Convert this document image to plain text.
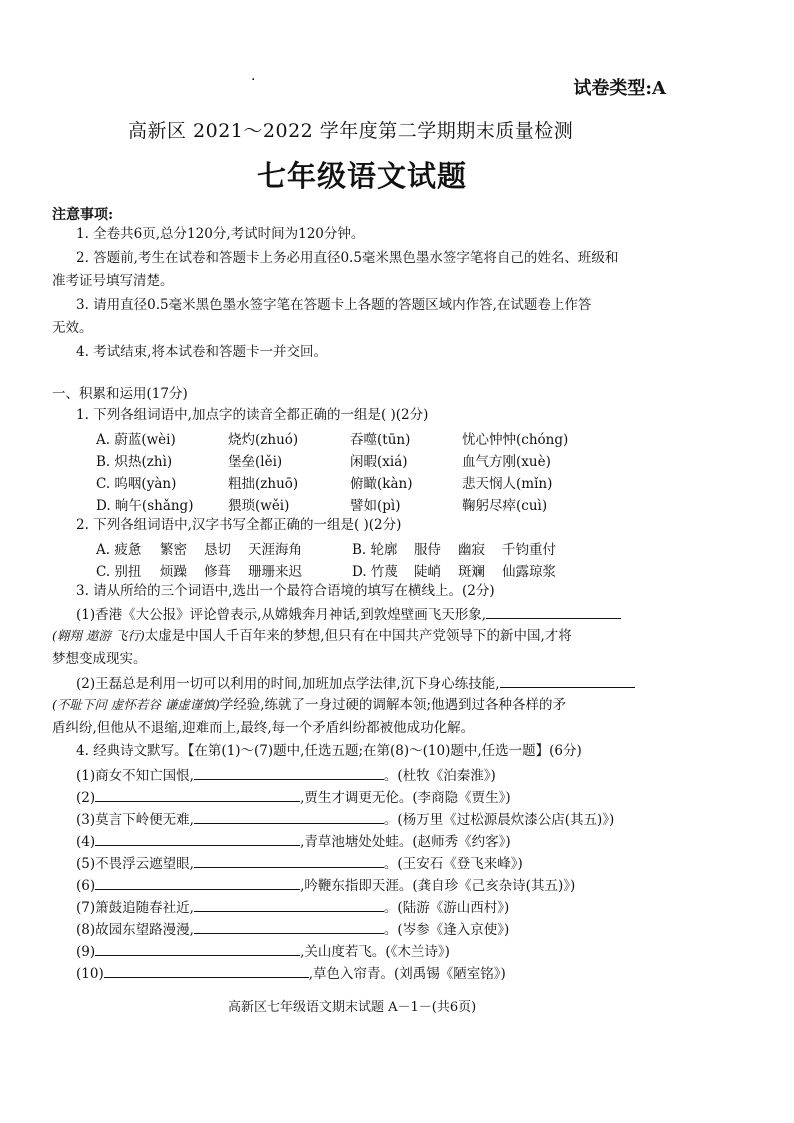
·	试卷类型:A
高新区 2021～2022 学年度第二学期期末质量检测
七年级语文试题
注意事项:
1. 全卷共6页,总分120分,考试时间为120分钟。
2. 答题前,考生在试卷和答题卡上务必用直径0.5毫米黑色墨水签字笔将自己的姓名、班级和
准考证号填写清楚。
3. 请用直径0.5毫米黑色墨水签字笔在答题卡上各题的答题区域内作答,在试题卷上作答
无效。
4. 考试结束,将本试卷和答题卡一并交回。
一、积累和运用(17分)
1. 下列各组词语中,加点字的读音全都正确的一组是( )(2分)
A. 蔚蓝(wèi)	烧灼(zhuó)	吞噬(tūn)	忧心忡忡(chóng)
B. 炽热(zhì)	堡垒(lěi)	闲暇(xiá)	血气方刚(xuè)
C. 呜咽(yàn)	粗拙(zhuō)	俯瞰(kàn)	悲天悯人(mǐn)
D. 晌午(shǎng)	猥琐(wěi)	譬如(pì)	鞠躬尽瘁(cuì)
2. 下列各组词语中,汉字书写全都正确的一组是( )(2分)
A. 疲惫 繁密 恳切 天涯海角	B. 轮廓 服侍 幽寂 千钧重付
C. 别扭 烦躁 修葺 珊珊来迟	D. 竹蔑 陡峭 斑斓 仙露琼浆
3. 请从所给的三个词语中,选出一个最符合语境的填写在横线上。(2分)
(1)香港《大公报》评论曾表示,从嫦娥奔月神话,到敦煌壁画飞天形象,
(翱翔 遨游 飞行)太虚是中国人千百年来的梦想,但只有在中国共产党领导下的新中国,才将
梦想变成现实。
(2)王磊总是利用一切可以利用的时间,加班加点学法律,沉下身心练技能,
(不耻下问 虚怀若谷 谦虚谨慎)学经验,练就了一身过硬的调解本领;他遇到过各种各样的矛
盾纠纷,但他从不退缩,迎难而上,最终,每一个矛盾纠纷都被他成功化解。
4. 经典诗文默写。【在第(1)～(7)题中,任选五题;在第(8)～(10)题中,任选一题】(6分)
(1)商女不知亡国恨,	。(杜牧《泊秦淮》)
(2)	,贾生才调更无伦。(李商隐《贾生》)
(3)莫言下岭便无难,	。(杨万里《过松源晨炊漆公店(其五)》)
(4)	,青草池塘处处蛙。(赵师秀《约客》)
(5)不畏浮云遮望眼,	。(王安石《登飞来峰》)
(6)	,吟鞭东指即天涯。(龚自珍《己亥杂诗(其五)》)
(7)箫鼓追随春社近,	。(陆游《游山西村》)
(8)故园东望路漫漫,	。(岑参《逢入京使》)
(9)	,关山度若飞。(《木兰诗》)
(10)	,草色入帘青。(刘禹锡《陋室铭》)
高新区七年级语文期末试题 A－1－(共6页)
